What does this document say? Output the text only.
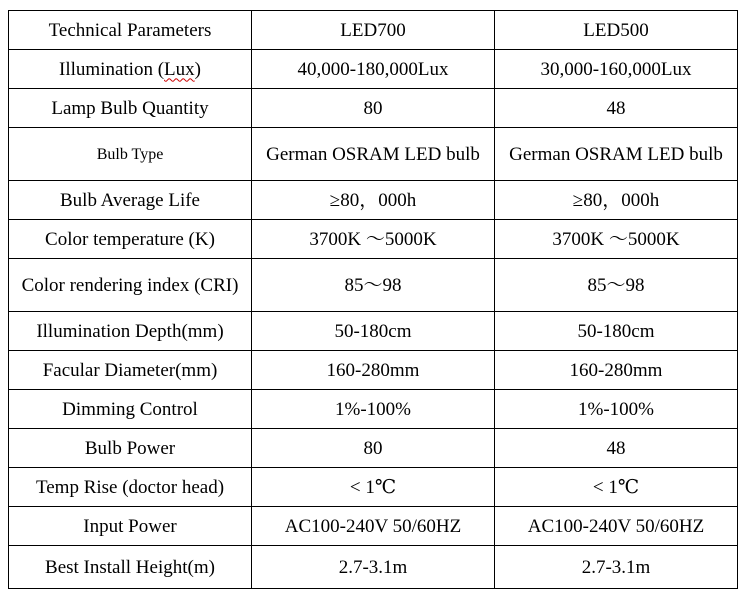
Technical Parameters	LED700	LED500
Illumination (Lux)	40,000-180,000Lux	30,000-160,000Lux
Lamp Bulb Quantity	80	48
Bulb Type	German OSRAM LED bulb	German OSRAM LED bulb
Bulb Average Life	≥80，000h	≥80，000h
Color temperature (K)	3700K ～5000K	3700K ～5000K
Color rendering index (CRI)	85～98	85～98
Illumination Depth(mm)	50-180cm	50-180cm
Facular Diameter(mm)	160-280mm	160-280mm
Dimming Control	1%-100%	1%-100%
Bulb Power	80	48
Temp Rise (doctor head)	< 1℃	< 1℃
Input Power	AC100-240V 50/60HZ	AC100-240V 50/60HZ
Best Install Height(m)	2.7-3.1m	2.7-3.1m
